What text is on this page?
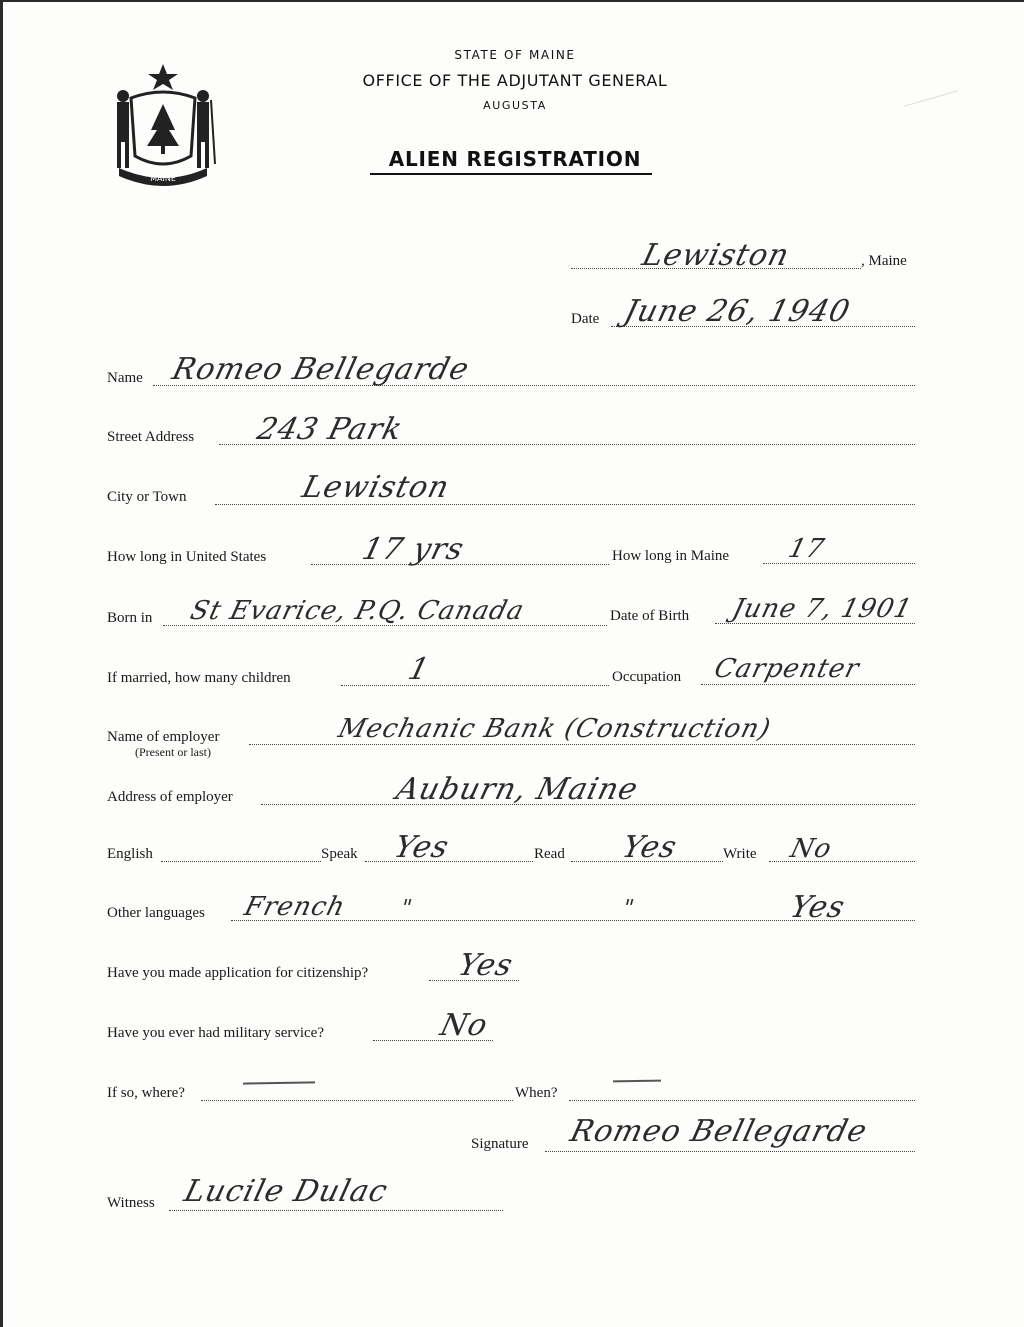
MAINE
STATE OF MAINE
OFFICE OF THE ADJUTANT GENERAL
AUGUSTA
ALIEN REGISTRATION
Lewiston	, Maine
Date June 26, 1940
Name Romeo Bellegarde
Street Address 243 Park
City or Town	Lewiston
How long in United States	17 yrs	How long in Maine 17
Born in St Evarice, P.Q. Canada	Date of Birth June 7, 1901
If married, how many children	1	Occupation Carpenter
Name of employer
(Present or last)
Mechanic Bank (Construction)
Address of employer	Auburn, Maine
English	Speak Yes	Read Yes	Write No
Other languages French "	"	Yes
Have you made application for citizenship?	Yes
Have you ever had military service?	No
If so, where?	When?
Signature Romeo Bellegarde
Witness Lucile Dulac
